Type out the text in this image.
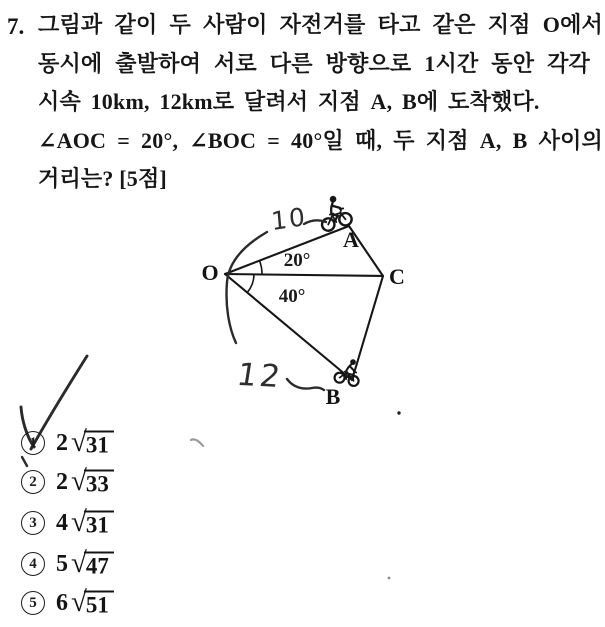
7. 그림과 같이 두 사람이 자전거를 타고 같은 지점 O에서
동시에 출발하여 서로 다른 방향으로 1시간 동안 각각
시속 10km, 12km로 달려서 지점 A, B에 도착했다.
∠AOC = 20°, ∠BOC = 40°일 때, 두 지점 A, B 사이의
거리는? [5점]
O
A
B
C
20°
40°
10
12
1 2 √ 31
2 2 √ 33
3 4 √ 31
4 5 √ 47
5 6 √ 51
